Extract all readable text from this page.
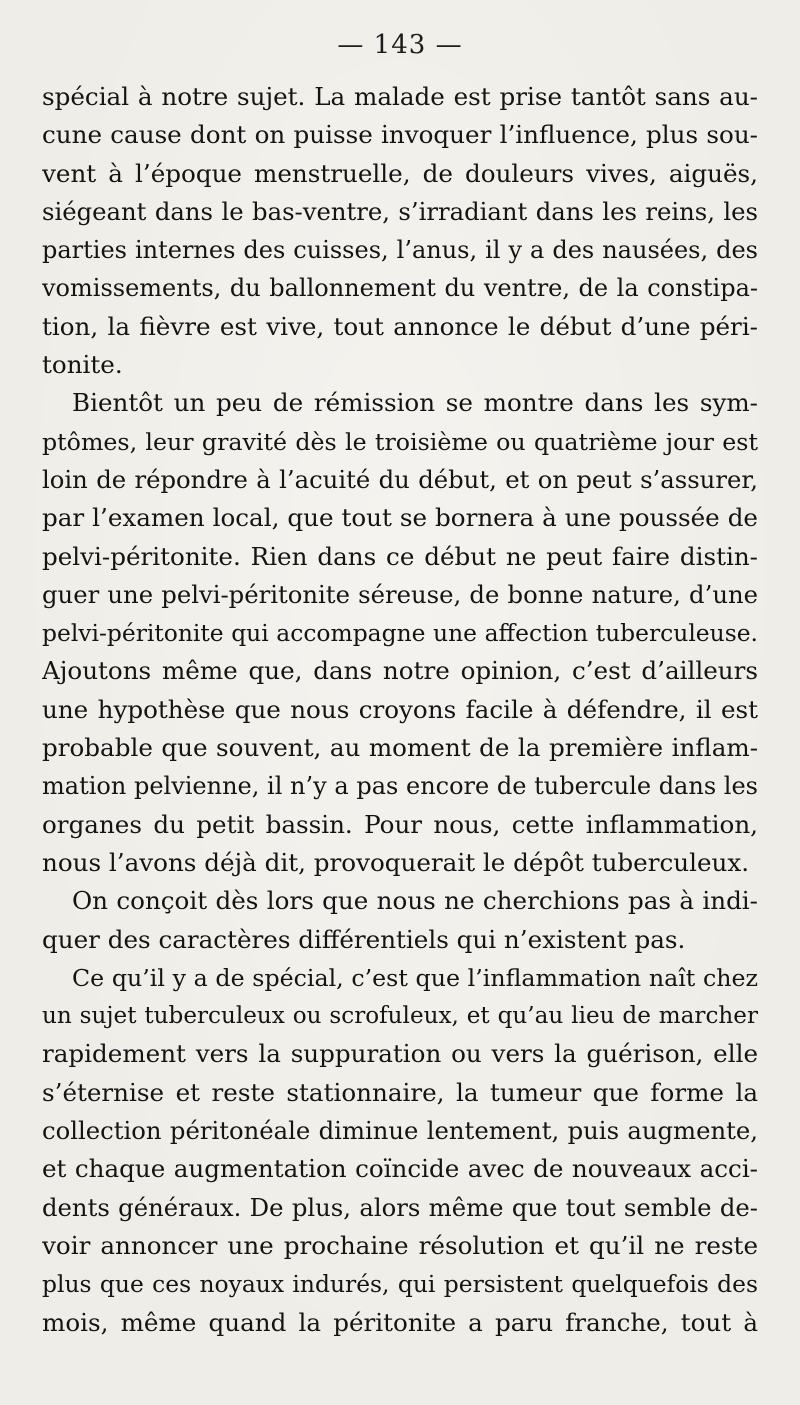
— 143 —
spécial à notre sujet. La malade est prise tantôt sans au-
cune cause dont on puisse invoquer l’influence, plus sou-
vent à l’époque menstruelle, de douleurs vives, aiguës,
siégeant dans le bas-ventre, s’irradiant dans les reins, les
parties internes des cuisses, l’anus, il y a des nausées, des
vomissements, du ballonnement du ventre, de la constipa-
tion, la fièvre est vive, tout annonce le début d’une péri-
tonite.
Bientôt un peu de rémission se montre dans les sym-
ptômes, leur gravité dès le troisième ou quatrième jour est
loin de répondre à l’acuité du début, et on peut s’assurer,
par l’examen local, que tout se bornera à une poussée de
pelvi-péritonite. Rien dans ce début ne peut faire distin-
guer une pelvi-péritonite séreuse, de bonne nature, d’une
pelvi-péritonite qui accompagne une affection tuberculeuse.
Ajoutons même que, dans notre opinion, c’est d’ailleurs
une hypothèse que nous croyons facile à défendre, il est
probable que souvent, au moment de la première inflam-
mation pelvienne, il n’y a pas encore de tubercule dans les
organes du petit bassin. Pour nous, cette inflammation,
nous l’avons déjà dit, provoquerait le dépôt tuberculeux.
On conçoit dès lors que nous ne cherchions pas à indi-
quer des caractères différentiels qui n’existent pas.
Ce qu’il y a de spécial, c’est que l’inflammation naît chez
un sujet tuberculeux ou scrofuleux, et qu’au lieu de marcher
rapidement vers la suppuration ou vers la guérison, elle
s’éternise et reste stationnaire, la tumeur que forme la
collection péritonéale diminue lentement, puis augmente,
et chaque augmentation coïncide avec de nouveaux acci-
dents généraux. De plus, alors même que tout semble de-
voir annoncer une prochaine résolution et qu’il ne reste
plus que ces noyaux indurés, qui persistent quelquefois des
mois, même quand la péritonite a paru franche, tout à
